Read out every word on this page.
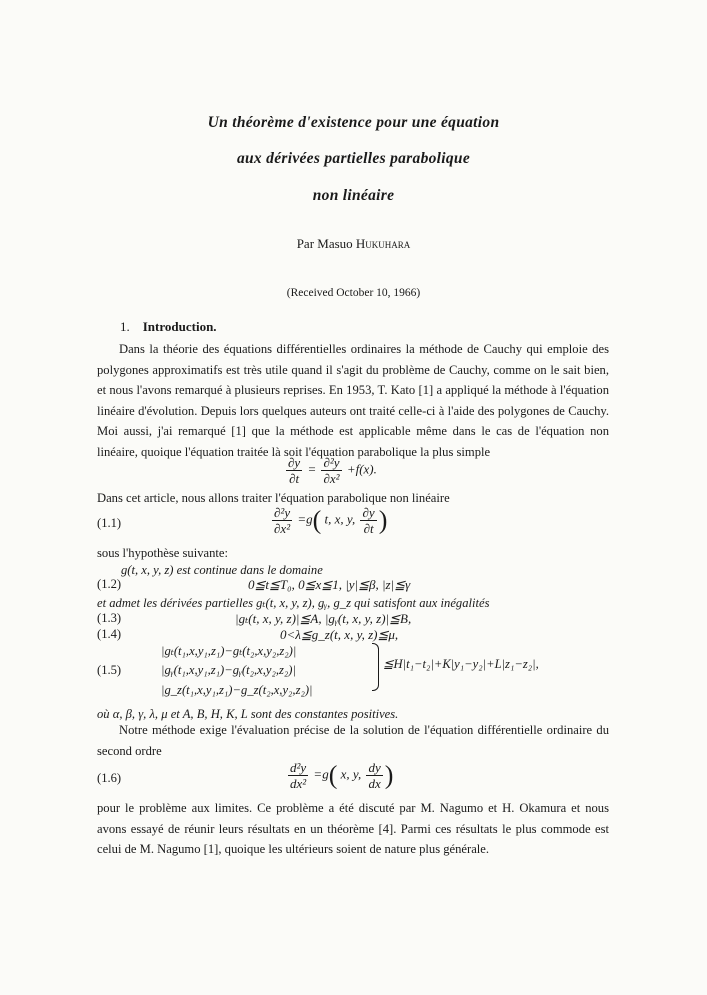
Un théorème d'existence pour une équation
aux dérivées partielles parabolique
non linéaire
Par Masuo Hukuhara
(Received October 10, 1966)
1. Introduction.

Dans la théorie des équations différentielles ordinaires la méthode de Cauchy qui emploie des polygones approximatifs est très utile quand il s'agit du problème de Cauchy, comme on le sait bien, et nous l'avons remarqué à plusieurs reprises. En 1953, T. Kato [1] a appliqué la méthode à l'équation linéaire d'évolution. Depuis lors quelques auteurs ont traité celle-ci à l'aide des polygones de Cauchy. Moi aussi, j'ai remarqué [1] que la méthode est applicable même dans le cas de l'équation non linéaire, quoique l'équation traitée là soit l'équation parabolique la plus simple

$\frac{\partial y}{\partial t} = \frac{\text{∂²y}}{\text{∂x²}} +f(x)$.
Dans cet article, nous allons traiter l'équation parabolique non linéaire
(1.1)	$\frac{\text{∂²y}}{\text{∂x²}} =g$( t, x, y, $\frac{\partial y}{\partial t}$ )
sous l'hypothèse suivante:
g(t, x, y, z) est continue dans le domaine
(1.2)	0≦t≦T₀, 0≦x≦1, |y|≦β, |z|≦γ
et admet les dérivées partielles gₜ(t, x, y, z), gᵧ, g_z qui satisfont aux inégalités
(1.3)	|gₜ(t, x, y, z)|≦A, |gᵧ(t, x, y, z)|≦B,
(1.4)	0<λ≦g_z(t, x, y, z)≦μ,
(1.5)
|gₜ(t₁,x,y₁,z₁)−gₜ(t₂,x,y₂,z₂)|
|gᵧ(t₁,x,y₁,z₁)−gᵧ(t₂,x,y₂,z₂)|
|g_z(t₁,x,y₁,z₁)−g_z(t₂,x,y₂,z₂)|
≦H|t₁−t₂|+K|y₁−y₂|+L|z₁−z₂|,
où α, β, γ, λ, μ et A, B, H, K, L sont des constantes positives.

Notre méthode exige l'évaluation précise de la solution de l'équation différentielle ordinaire du second ordre

(1.6)	$\frac{\text{d²y}}{\text{dx²}} =g$( x, y, $\frac{dy}{dx}$ )

pour le problème aux limites. Ce problème a été discuté par M. Nagumo et H. Okamura et nous avons essayé de réunir leurs résultats en un théorème [4]. Parmi ces résultats le plus commode est celui de M. Nagumo [1], quoique les ultérieurs soient de nature plus générale.
